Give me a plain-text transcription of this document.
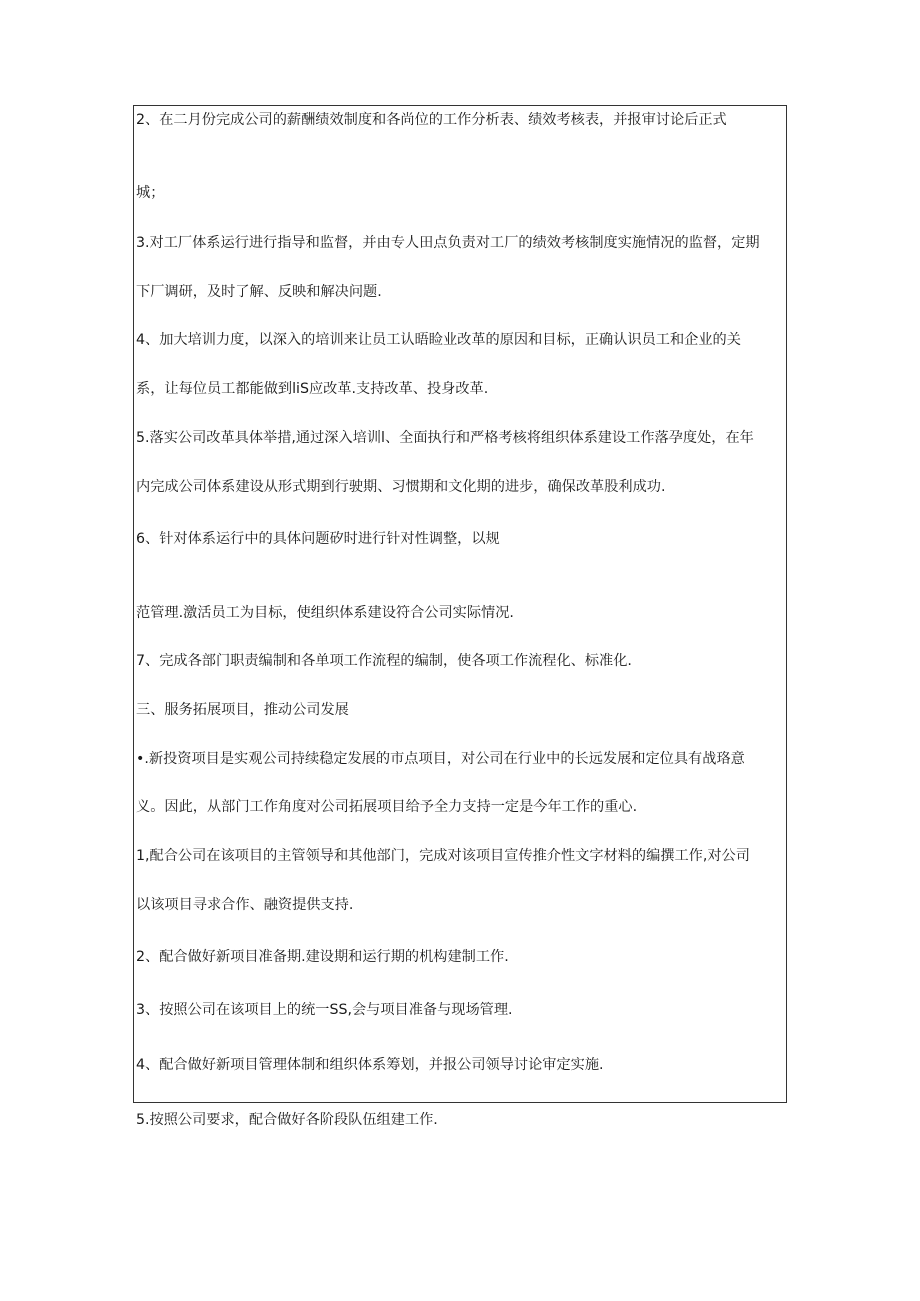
2、在二月份完成公司的薪酬绩效制度和各尚位的工作分析表、绩效考核表，并报审讨论后正式
城；
3.对工厂体系运行进行指导和监督，并由专人田点负责对工厂的绩效考核制度实施情况的监督，定期
下厂调研，及时了解、反映和解决问题.
4、加大培训力度，以深入的培训来让员工认晤睑业改革的原因和目标，正确认识员工和企业的关
系，让每位员工都能做到liS应改革.支持改革、投身改革.
5.落实公司改革具体举措,通过深入培训l、全面执行和严格考核将组织体系建设工作落孕度处，在年
内完成公司体系建设从形式期到行驶期、习惯期和文化期的进步，确保改革股利成功.
6、针对体系运行中的具体问题矽时进行针对性调整，以规
范管理.激活员工为目标，使组织体系建设符合公司实际情况.
7、完成各部门职责编制和各单项工作流程的编制，使各项工作流程化、标准化.
三、服务拓展项目，推动公司发展
•.新投资项目是实观公司持续稳定发展的市点项目，对公司在行业中的长远发展和定位具有战珞意
义。因此，从部门工作角度对公司拓展项目给予全力支持一定是今年工作的重心.
1,配合公司在该项目的主管领导和其他部门，完成对该项目宣传推介性文字材料的编撰工作,对公司
以该项目寻求合作、融资提供支持.
2、配合做好新项目准备期.建设期和运行期的机构建制工作.
3、按照公司在该项目上的统一SS,会与项目准备与现场管理.
4、配合做好新项目管理体制和组织体系筹划，并报公司领导讨论审定实施.
5.按照公司要求，配合做好各阶段队伍组建工作.
